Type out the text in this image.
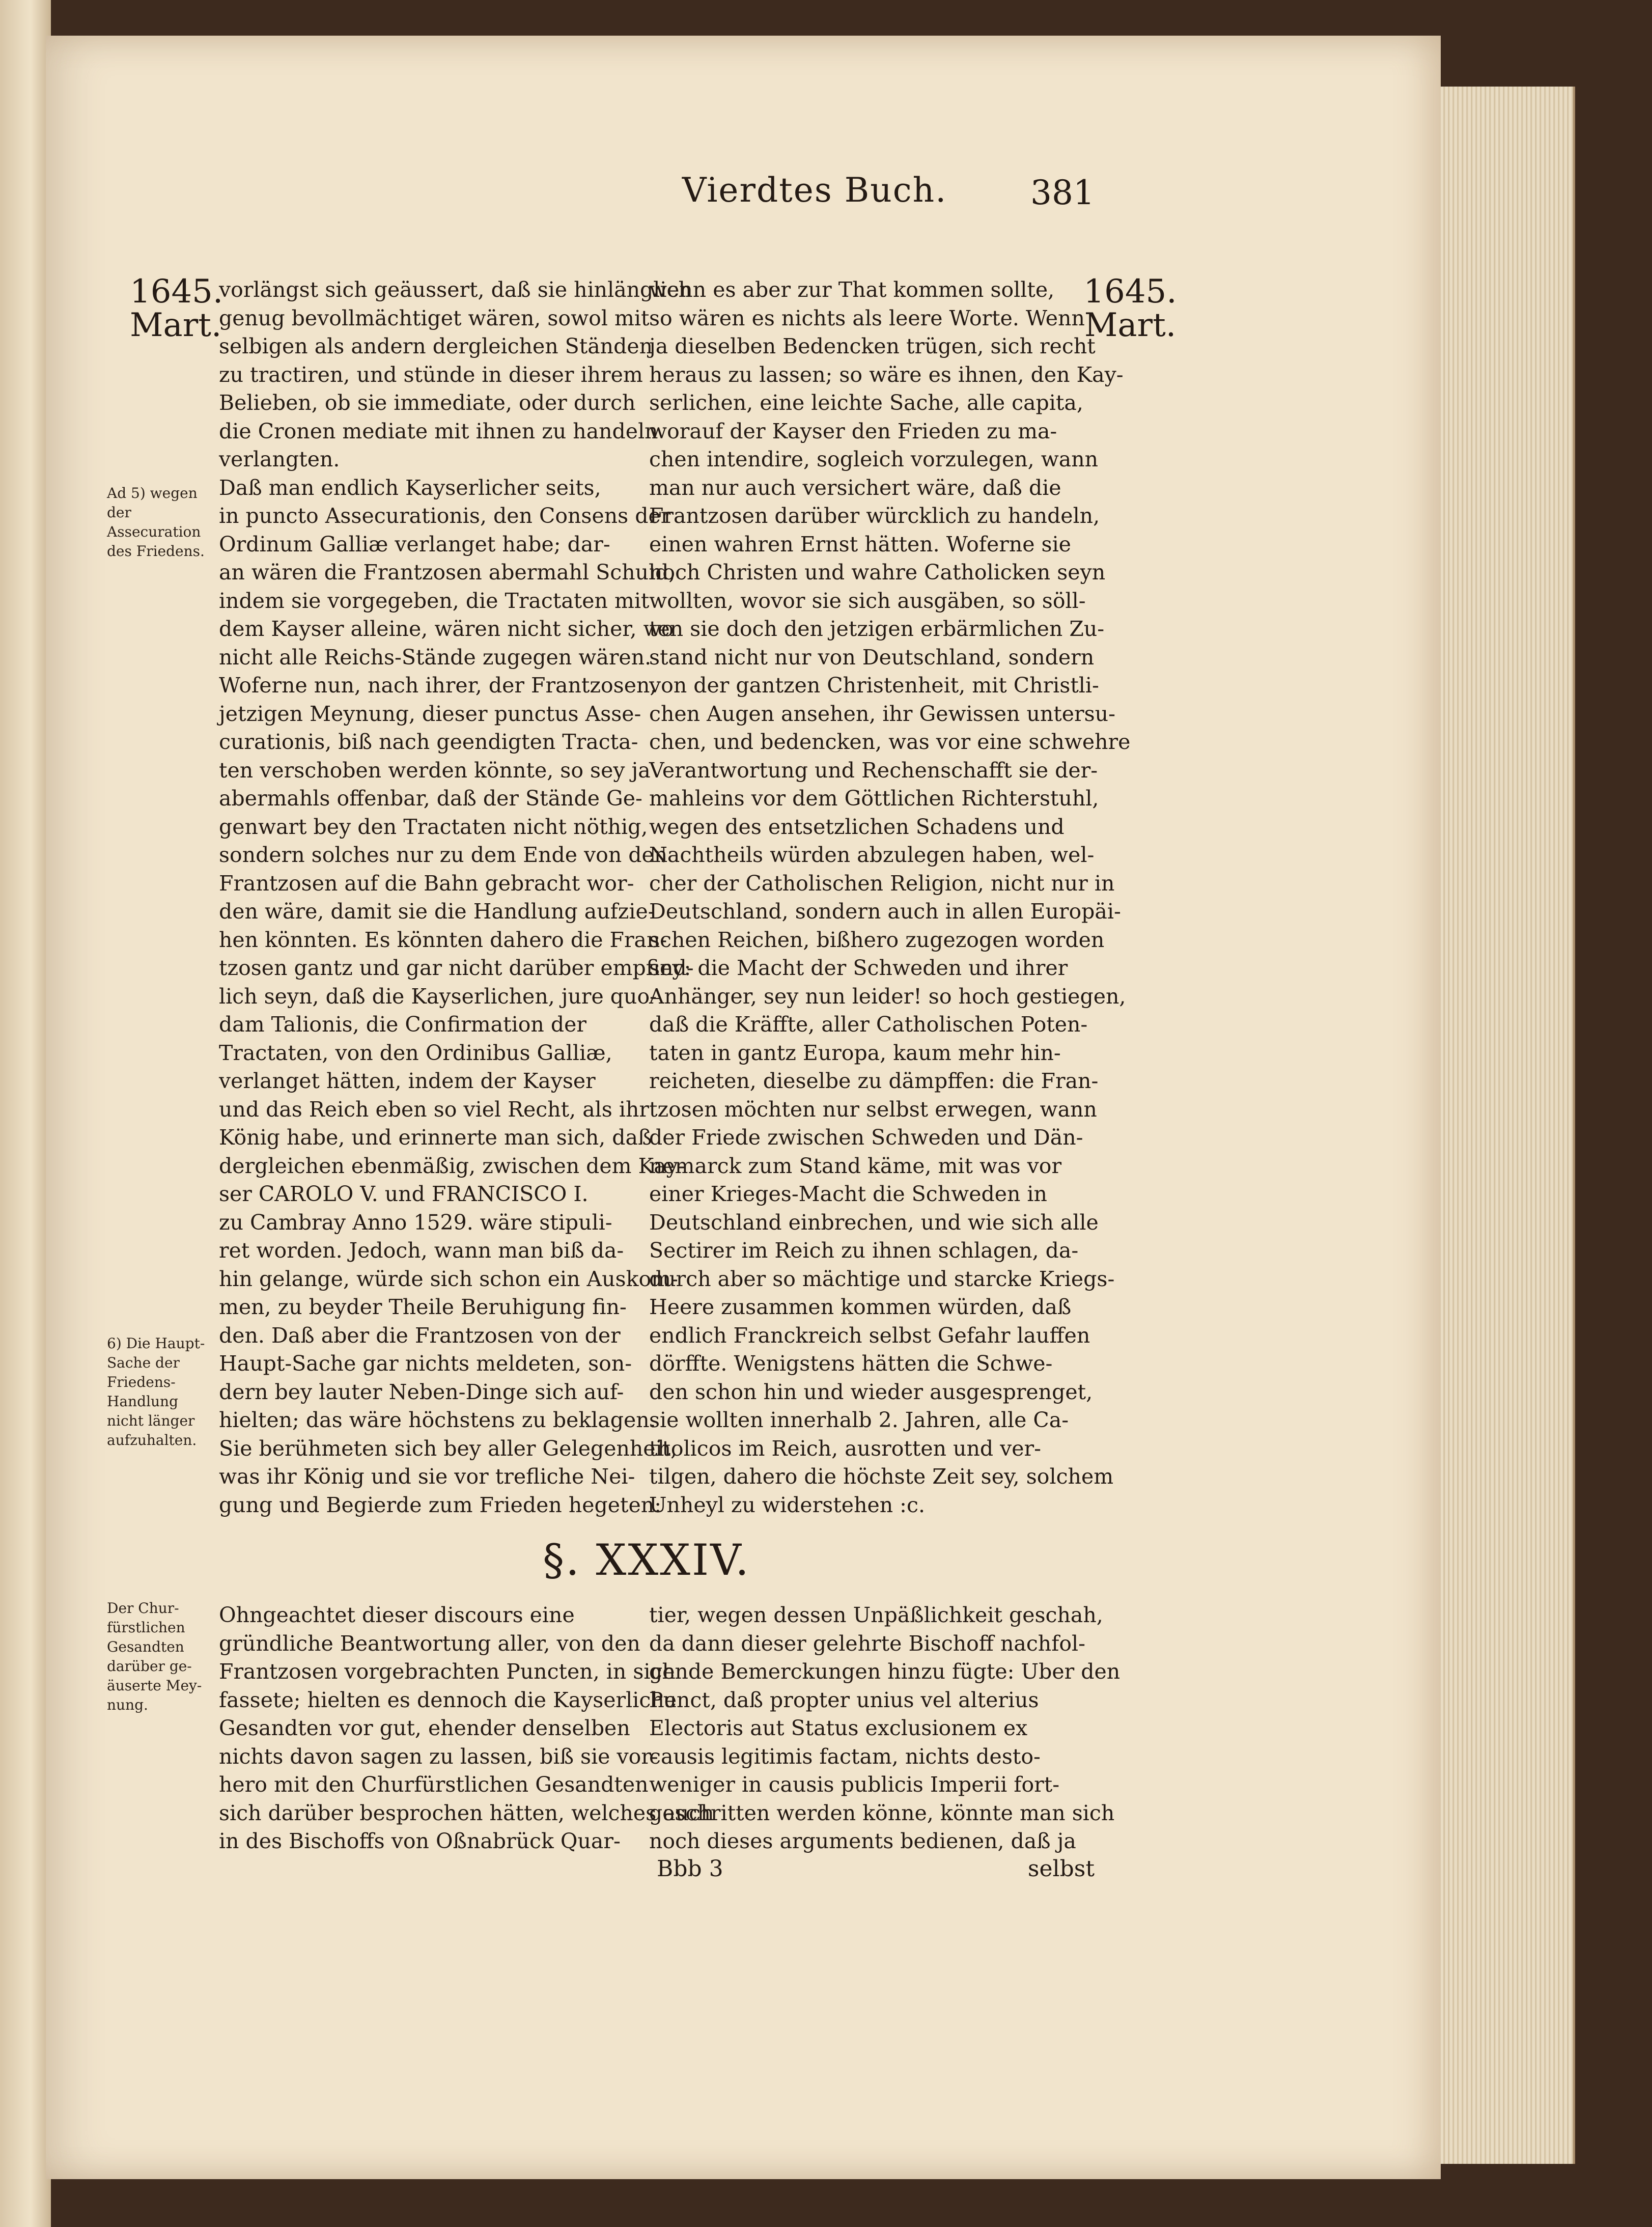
Vierdtes Buch.	381
1645.
Mart.
1645.
Mart.
Ad 5) wegen der Assecuration des Friedens.
6) Die Haupt-Sache der Friedens-Handlung nicht länger aufzuhalten.
Der Chur-fürstlichen Gesandten darüber ge-äuserte Mey-nung.
vorlängst sich geäussert, daß sie hinlänglich
genug bevollmächtiget wären, sowol mit
selbigen als andern dergleichen Ständen
zu tractiren, und stünde in dieser ihrem
Belieben, ob sie immediate, oder durch
die Cronen mediate mit ihnen zu handeln
verlangten.
Daß man endlich Kayserlicher seits,
in puncto Assecurationis, den Consens der
Ordinum Galliæ verlanget habe; dar-
an wären die Frantzosen abermahl Schuld,
indem sie vorgegeben, die Tractaten mit
dem Kayser alleine, wären nicht sicher, wo
nicht alle Reichs-Stände zugegen wären.
Woferne nun, nach ihrer, der Frantzosen,
jetzigen Meynung, dieser punctus Asse-
curationis, biß nach geendigten Tracta-
ten verschoben werden könnte, so sey ja
abermahls offenbar, daß der Stände Ge-
genwart bey den Tractaten nicht nöthig,
sondern solches nur zu dem Ende von den
Frantzosen auf die Bahn gebracht wor-
den wäre, damit sie die Handlung aufzie-
hen könnten. Es könnten dahero die Fran-
tzosen gantz und gar nicht darüber empfind-
lich seyn, daß die Kayserlichen, jure quo-
dam Talionis, die Confirmation der
Tractaten, von den Ordinibus Galliæ,
verlanget hätten, indem der Kayser
und das Reich eben so viel Recht, als ihr
König habe, und erinnerte man sich, daß
dergleichen ebenmäßig, zwischen dem Kay-
ser CAROLO V. und FRANCISCO I.
zu Cambray Anno 1529. wäre stipuli-
ret worden. Jedoch, wann man biß da-
hin gelange, würde sich schon ein Auskom-
men, zu beyder Theile Beruhigung fin-
den. Daß aber die Frantzosen von der
Haupt-Sache gar nichts meldeten, son-
dern bey lauter Neben-Dinge sich auf-
hielten; das wäre höchstens zu beklagen.
Sie berühmeten sich bey aller Gelegenheit,
was ihr König und sie vor trefliche Nei-
gung und Begierde zum Frieden hegeten:
wenn es aber zur That kommen sollte,
so wären es nichts als leere Worte. Wenn
ja dieselben Bedencken trügen, sich recht
heraus zu lassen; so wäre es ihnen, den Kay-
serlichen, eine leichte Sache, alle capita,
worauf der Kayser den Frieden zu ma-
chen intendire, sogleich vorzulegen, wann
man nur auch versichert wäre, daß die
Frantzosen darüber würcklich zu handeln,
einen wahren Ernst hätten. Woferne sie
noch Christen und wahre Catholicken seyn
wollten, wovor sie sich ausgäben, so söll-
ten sie doch den jetzigen erbärmlichen Zu-
stand nicht nur von Deutschland, sondern
von der gantzen Christenheit, mit Christli-
chen Augen ansehen, ihr Gewissen untersu-
chen, und bedencken, was vor eine schwehre
Verantwortung und Rechenschafft sie der-
mahleins vor dem Göttlichen Richterstuhl,
wegen des entsetzlichen Schadens und
Nachtheils würden abzulegen haben, wel-
cher der Catholischen Religion, nicht nur in
Deutschland, sondern auch in allen Europäi-
schen Reichen, bißhero zugezogen worden
sey: die Macht der Schweden und ihrer
Anhänger, sey nun leider! so hoch gestiegen,
daß die Kräffte, aller Catholischen Poten-
taten in gantz Europa, kaum mehr hin-
reicheten, dieselbe zu dämpffen: die Fran-
tzosen möchten nur selbst erwegen, wann
der Friede zwischen Schweden und Dän-
nemarck zum Stand käme, mit was vor
einer Krieges-Macht die Schweden in
Deutschland einbrechen, und wie sich alle
Sectirer im Reich zu ihnen schlagen, da-
durch aber so mächtige und starcke Kriegs-
Heere zusammen kommen würden, daß
endlich Franckreich selbst Gefahr lauffen
dörffte. Wenigstens hätten die Schwe-
den schon hin und wieder ausgesprenget,
sie wollten innerhalb 2. Jahren, alle Ca-
tholicos im Reich, ausrotten und ver-
tilgen, dahero die höchste Zeit sey, solchem
Unheyl zu widerstehen :c.
§. XXXIV.
Ohngeachtet dieser discours eine
gründliche Beantwortung aller, von den
Frantzosen vorgebrachten Puncten, in sich
fassete; hielten es dennoch die Kayserliche
Gesandten vor gut, ehender denselben
nichts davon sagen zu lassen, biß sie vor-
hero mit den Churfürstlichen Gesandten
sich darüber besprochen hätten, welches auch
in des Bischoffs von Oßnabrück Quar-
tier, wegen dessen Unpäßlichkeit geschah,
da dann dieser gelehrte Bischoff nachfol-
gende Bemerckungen hinzu fügte: Uber den
Punct, daß propter unius vel alterius
Electoris aut Status exclusionem ex
causis legitimis factam, nichts desto-
weniger in causis publicis Imperii fort-
geschritten werden könne, könnte man sich
noch dieses arguments bedienen, daß ja
Bbb 3	selbst
